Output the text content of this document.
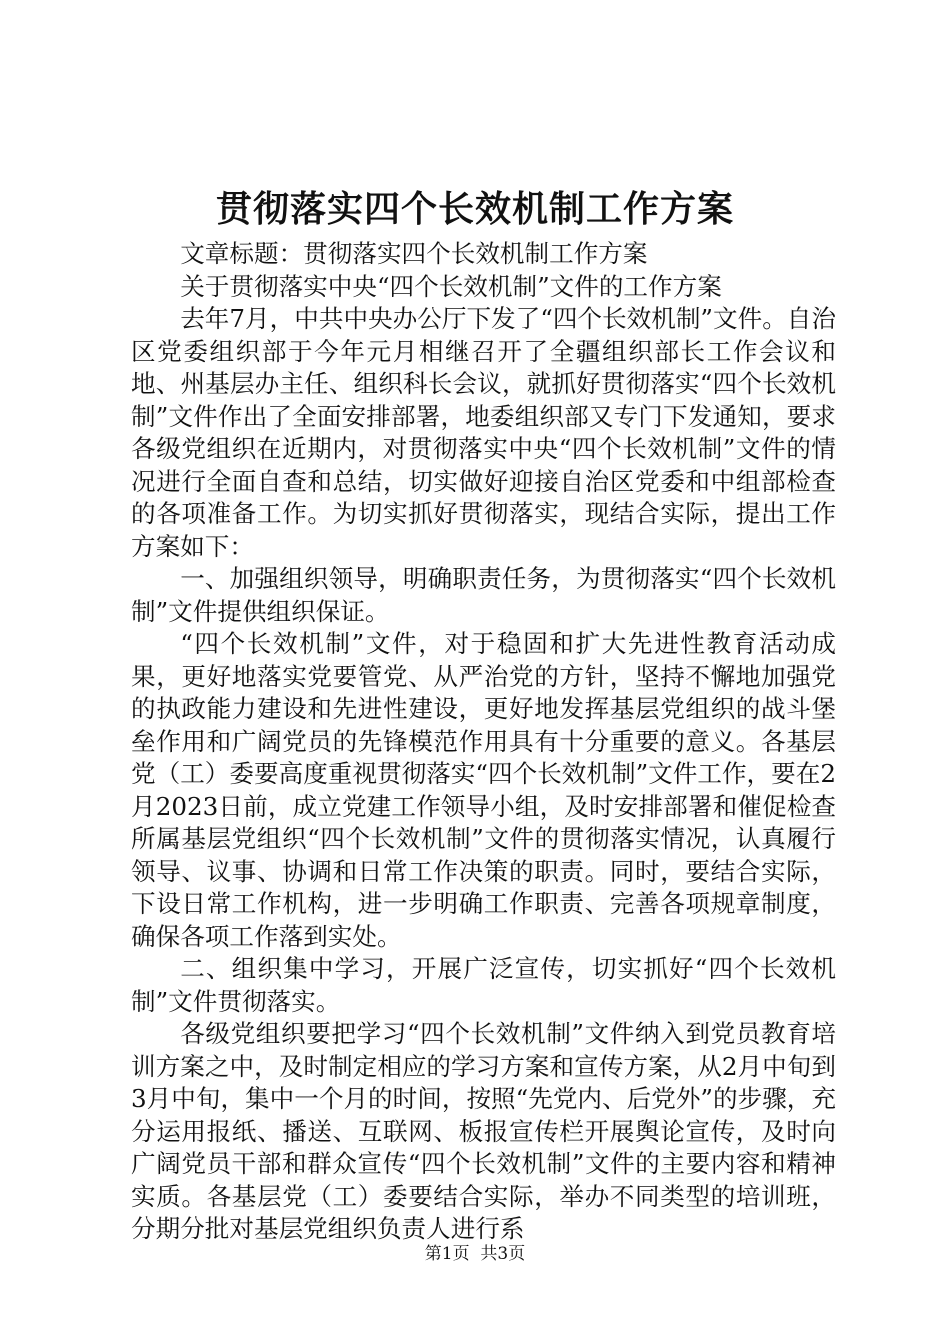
贯彻落实四个长效机制工作方案

文章标题：贯彻落实四个长效机制工作方案

关于贯彻落实中央“四个长效机制”文件的工作方案

去年7月，中共中央办公厅下发了“四个长效机制”文件。自治区党委组织部于今年元月相继召开了全疆组织部长工作会议和地、州基层办主任、组织科长会议，就抓好贯彻落实“四个长效机制”文件作出了全面安排部署，地委组织部又专门下发通知，要求各级党组织在近期内，对贯彻落实中央“四个长效机制”文件的情况进行全面自查和总结，切实做好迎接自治区党委和中组部检查的各项准备工作。为切实抓好贯彻落实，现结合实际，提出工作方案如下：

一、加强组织领导，明确职责任务，为贯彻落实“四个长效机制”文件提供组织保证。

“四个长效机制”文件，对于稳固和扩大先进性教育活动成果，更好地落实党要管党、从严治党的方针，坚持不懈地加强党的执政能力建设和先进性建设，更好地发挥基层党组织的战斗堡垒作用和广阔党员的先锋模范作用具有十分重要的意义。各基层党（工）委要高度重视贯彻落实“四个长效机制”文件工作，要在2月2023日前，成立党建工作领导小组，及时安排部署和催促检查所属基层党组织“四个长效机制”文件的贯彻落实情况，认真履行领导、议事、协调和日常工作决策的职责。同时，要结合实际，下设日常工作机构，进一步明确工作职责、完善各项规章制度，确保各项工作落到实处。

二、组织集中学习，开展广泛宣传，切实抓好“四个长效机制”文件贯彻落实。

各级党组织要把学习“四个长效机制”文件纳入到党员教育培训方案之中，及时制定相应的学习方案和宣传方案，从2月中旬到3月中旬，集中一个月的时间，按照“先党内、后党外”的步骤，充分运用报纸、播送、互联网、板报宣传栏开展舆论宣传，及时向广阔党员干部和群众宣传“四个长效机制”文件的主要内容和精神实质。各基层党（工）委要结合实际，举办不同类型的培训班，分期分批对基层党组织负责人进行系

第1页 共3页
